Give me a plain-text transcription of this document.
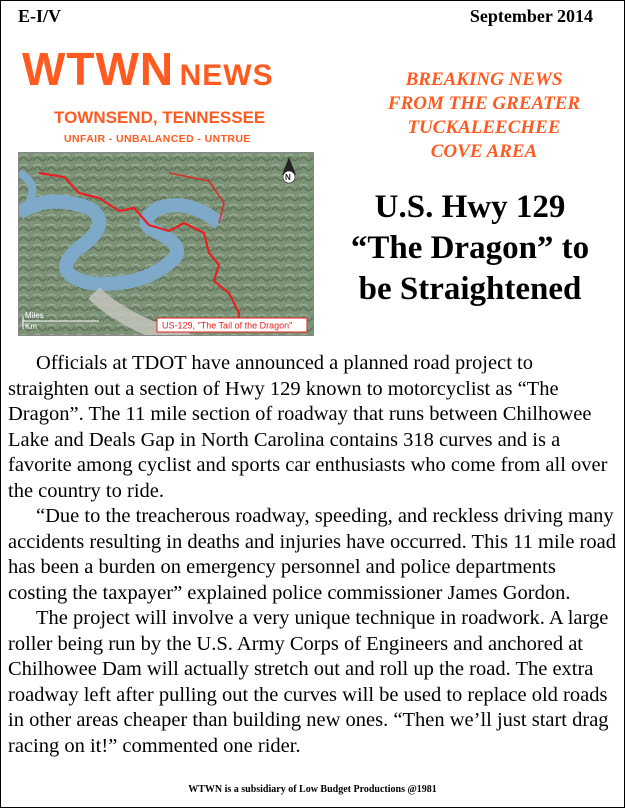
E-I/V	September 2014
WTWN NEWS
TOWNSEND, TENNESSEE
UNFAIR - UNBALANCED - UNTRUE
BREAKING NEWS
FROM THE GREATER
TUCKALEECHEE
COVE AREA
N
US-129, "The Tail of the Dragon"
Miles
Km
U.S. Hwy 129
“The Dragon” to
be Straightened

Officials at TDOT have announced a planned road project to straighten out a section of Hwy 129 known to motorcyclist as “The Dragon”. The 11 mile section of roadway that runs between Chilhowee Lake and Deals Gap in North Carolina contains 318 curves and is a favorite among cyclist and sports car enthusiasts who come from all over the country to ride.

“Due to the treacherous roadway, speeding, and reckless driving many accidents resulting in deaths and injuries have occurred. This 11 mile road has been a burden on emergency personnel and police departments costing the taxpayer” explained police commissioner James Gordon.

The project will involve a very unique technique in roadwork. A large roller being run by the U.S. Army Corps of Engineers and anchored at Chilhowee Dam will actually stretch out and roll up the road. The extra roadway left after pulling out the curves will be used to replace old roads in other areas cheaper than building new ones. “Then we’ll just start drag racing on it!” commented one rider.

WTWN is a subsidiary of Low Budget Productions @1981
